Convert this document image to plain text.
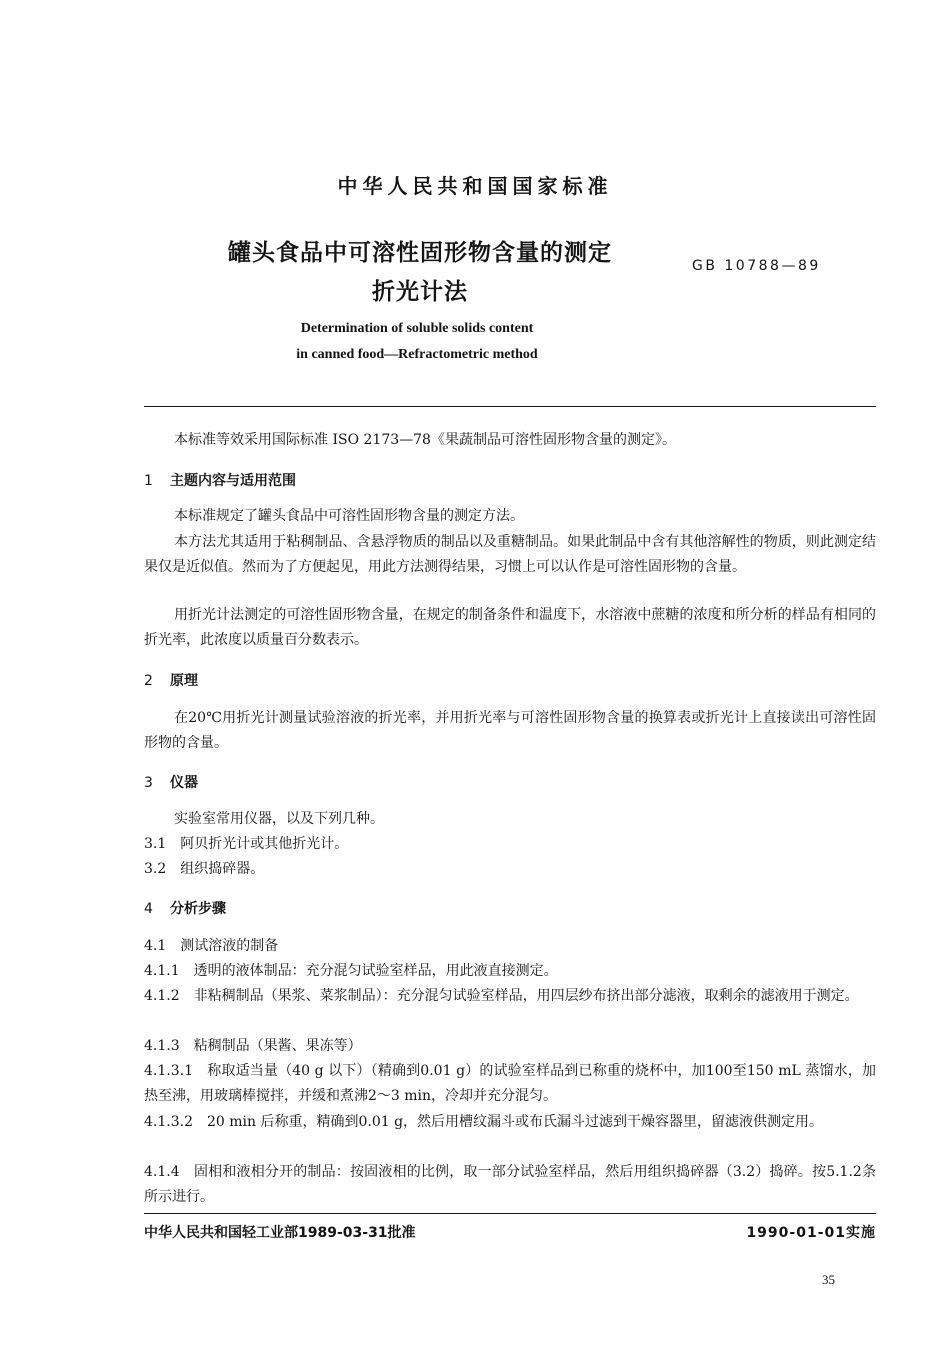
中华人民共和国国家标准
罐头食品中可溶性固形物含量的测定
折光计法
GB 10788—89
Determination of soluble solids content
in canned food—Refractometric method
本标准等效采用国际标准 ISO 2173—78《果蔬制品可溶性固形物含量的测定》。
1 主题内容与适用范围
本标准规定了罐头食品中可溶性固形物含量的测定方法。
本方法尤其适用于粘稠制品、含悬浮物质的制品以及重糖制品。如果此制品中含有其他溶解性的物质，则此测定结果仅是近似值。然而为了方便起见，用此方法测得结果，习惯上可以认作是可溶性固形物的含量。
用折光计法测定的可溶性固形物含量，在规定的制备条件和温度下，水溶液中蔗糖的浓度和所分析的样品有相同的折光率，此浓度以质量百分数表示。
2 原理
在20℃用折光计测量试验溶液的折光率，并用折光率与可溶性固形物含量的换算表或折光计上直接读出可溶性固形物的含量。
3 仪器
实验室常用仪器，以及下列几种。
3.1　阿贝折光计或其他折光计。
3.2　组织捣碎器。
4 分析步骤
4.1　测试溶液的制备
4.1.1　透明的液体制品：充分混匀试验室样品，用此液直接测定。
4.1.2　非粘稠制品（果浆、菜浆制品）：充分混匀试验室样品，用四层纱布挤出部分滤液，取剩余的滤液用于测定。
4.1.3　粘稠制品（果酱、果冻等）
4.1.3.1　称取适当量（40 g 以下）（精确到0.01 g）的试验室样品到已称重的烧杯中，加100至150 mL 蒸馏水，加热至沸，用玻璃棒搅拌，并缓和煮沸2～3 min，冷却并充分混匀。
4.1.3.2　20 min 后称重，精确到0.01 g，然后用槽纹漏斗或布氏漏斗过滤到干燥容器里，留滤液供测定用。
4.1.4　固相和液相分开的制品：按固液相的比例，取一部分试验室样品，然后用组织捣碎器（3.2）捣碎。按5.1.2条所示进行。
中华人民共和国轻工业部1989-03-31批准	1990-01-01实施
35
